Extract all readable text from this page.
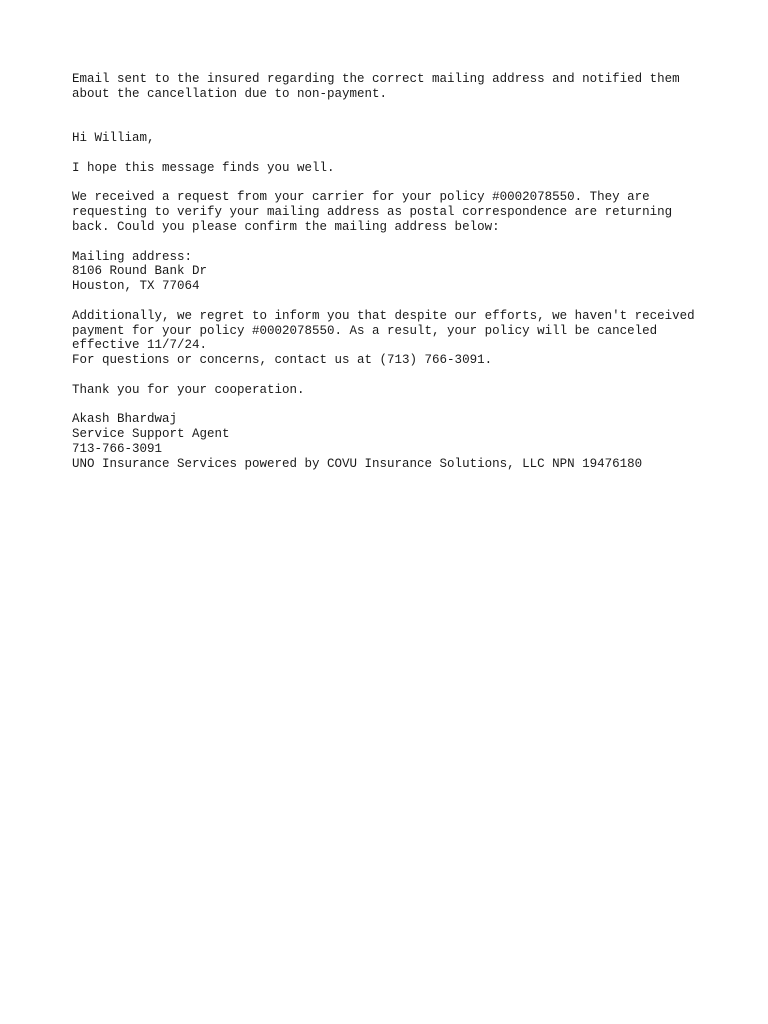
Email sent to the insured regarding the correct mailing address and notified them
about the cancellation due to non-payment.
Hi William,
I hope this message finds you well.
We received a request from your carrier for your policy #0002078550. They are
requesting to verify your mailing address as postal correspondence are returning
back. Could you please confirm the mailing address below:
Mailing address:
8106 Round Bank Dr
Houston, TX 77064
Additionally, we regret to inform you that despite our efforts, we haven't received
payment for your policy #0002078550. As a result, your policy will be canceled
effective 11/7/24.
For questions or concerns, contact us at (713) 766-3091.
Thank you for your cooperation.
Akash Bhardwaj
Service Support Agent
713-766-3091
UNO Insurance Services powered by COVU Insurance Solutions, LLC NPN 19476180
